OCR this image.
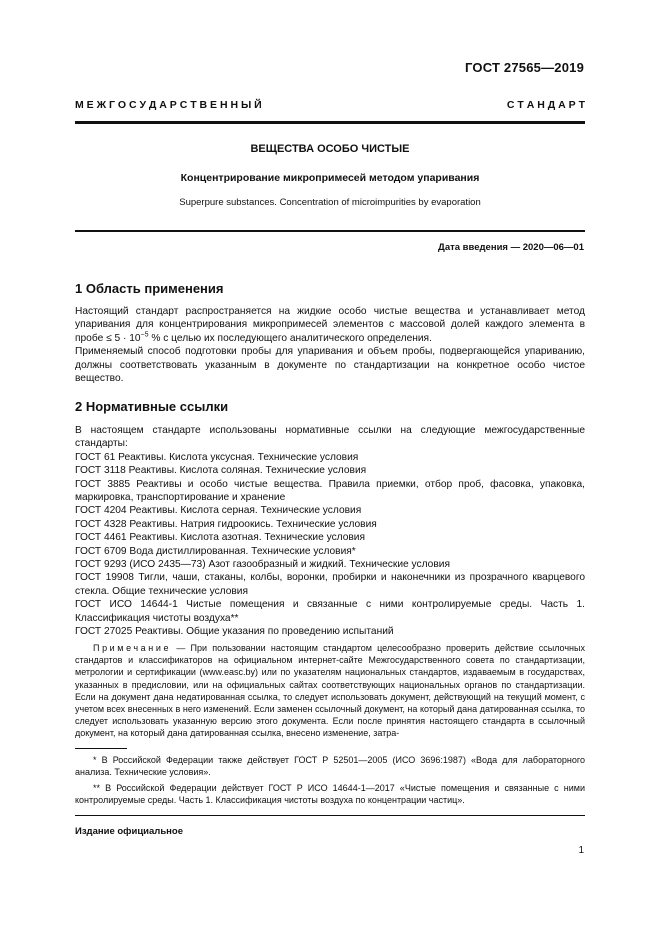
ГОСТ 27565—2019
М Е Ж Г О С У Д А Р С Т В Е Н Н Ы Й	С Т А Н Д А Р Т
ВЕЩЕСТВА ОСОБО ЧИСТЫЕ
Концентрирование микропримесей методом упаривания
Superpure substances. Concentration of microimpurities by evaporation
Дата введения — 2020—06—01
1 Область применения

Настоящий стандарт распространяется на жидкие особо чистые вещества и устанавливает метод упаривания для концентрирования микропримесей элементов с массовой долей каждого элемента в пробе ≤ $5 \cdot 10^{-5}$ % с целью их последующего аналитического определения.

Применяемый способ подготовки пробы для упаривания и объем пробы, подвергающейся упариванию, должны соответствовать указанным в документе по стандартизации на конкретное особо чистое вещество.

2 Нормативные ссылки

В настоящем стандарте использованы нормативные ссылки на следующие межгосударственные стандарты:

ГОСТ 61 Реактивы. Кислота уксусная. Технические условия

ГОСТ 3118 Реактивы. Кислота соляная. Технические условия

ГОСТ 3885 Реактивы и особо чистые вещества. Правила приемки, отбор проб, фасовка, упаковка, маркировка, транспортирование и хранение

ГОСТ 4204 Реактивы. Кислота серная. Технические условия

ГОСТ 4328 Реактивы. Натрия гидроокись. Технические условия

ГОСТ 4461 Реактивы. Кислота азотная. Технические условия

ГОСТ 6709 Вода дистиллированная. Технические условия*

ГОСТ 9293 (ИСО 2435—73) Азот газообразный и жидкий. Технические условия

ГОСТ 19908 Тигли, чаши, стаканы, колбы, воронки, пробирки и наконечники из прозрачного кварцевого стекла. Общие технические условия

ГОСТ ИСО 14644-1 Чистые помещения и связанные с ними контролируемые среды. Часть 1. Классификация чистоты воздуха**

ГОСТ 27025 Реактивы. Общие указания по проведению испытаний

Примечание — При пользовании настоящим стандартом целесообразно проверить действие ссылочных стандартов и классификаторов на официальном интернет-сайте Межгосударственного совета по стандартизации, метрологии и сертификации (www.easc.by) или по указателям национальных стандартов, издаваемым в государствах, указанных в предисловии, или на официальных сайтах соответствующих национальных органов по стандартизации. Если на документ дана недатированная ссылка, то следует использовать документ, действующий на текущий момент, с учетом всех внесенных в него изменений. Если заменен ссылочный документ, на который дана датированная ссылка, то следует использовать указанную версию этого документа. Если после принятия настоящего стандарта в ссылочный документ, на который дана датированная ссылка, внесено изменение, затра-

* В Российской Федерации также действует ГОСТ Р 52501—2005 (ИСО 3696:1987) «Вода для лабораторного анализа. Технические условия».

** В Российской Федерации действует ГОСТ Р ИСО 14644-1—2017 «Чистые помещения и связанные с ними контролируемые среды. Часть 1. Классификация чистоты воздуха по концентрации частиц».

Издание официальное
1
